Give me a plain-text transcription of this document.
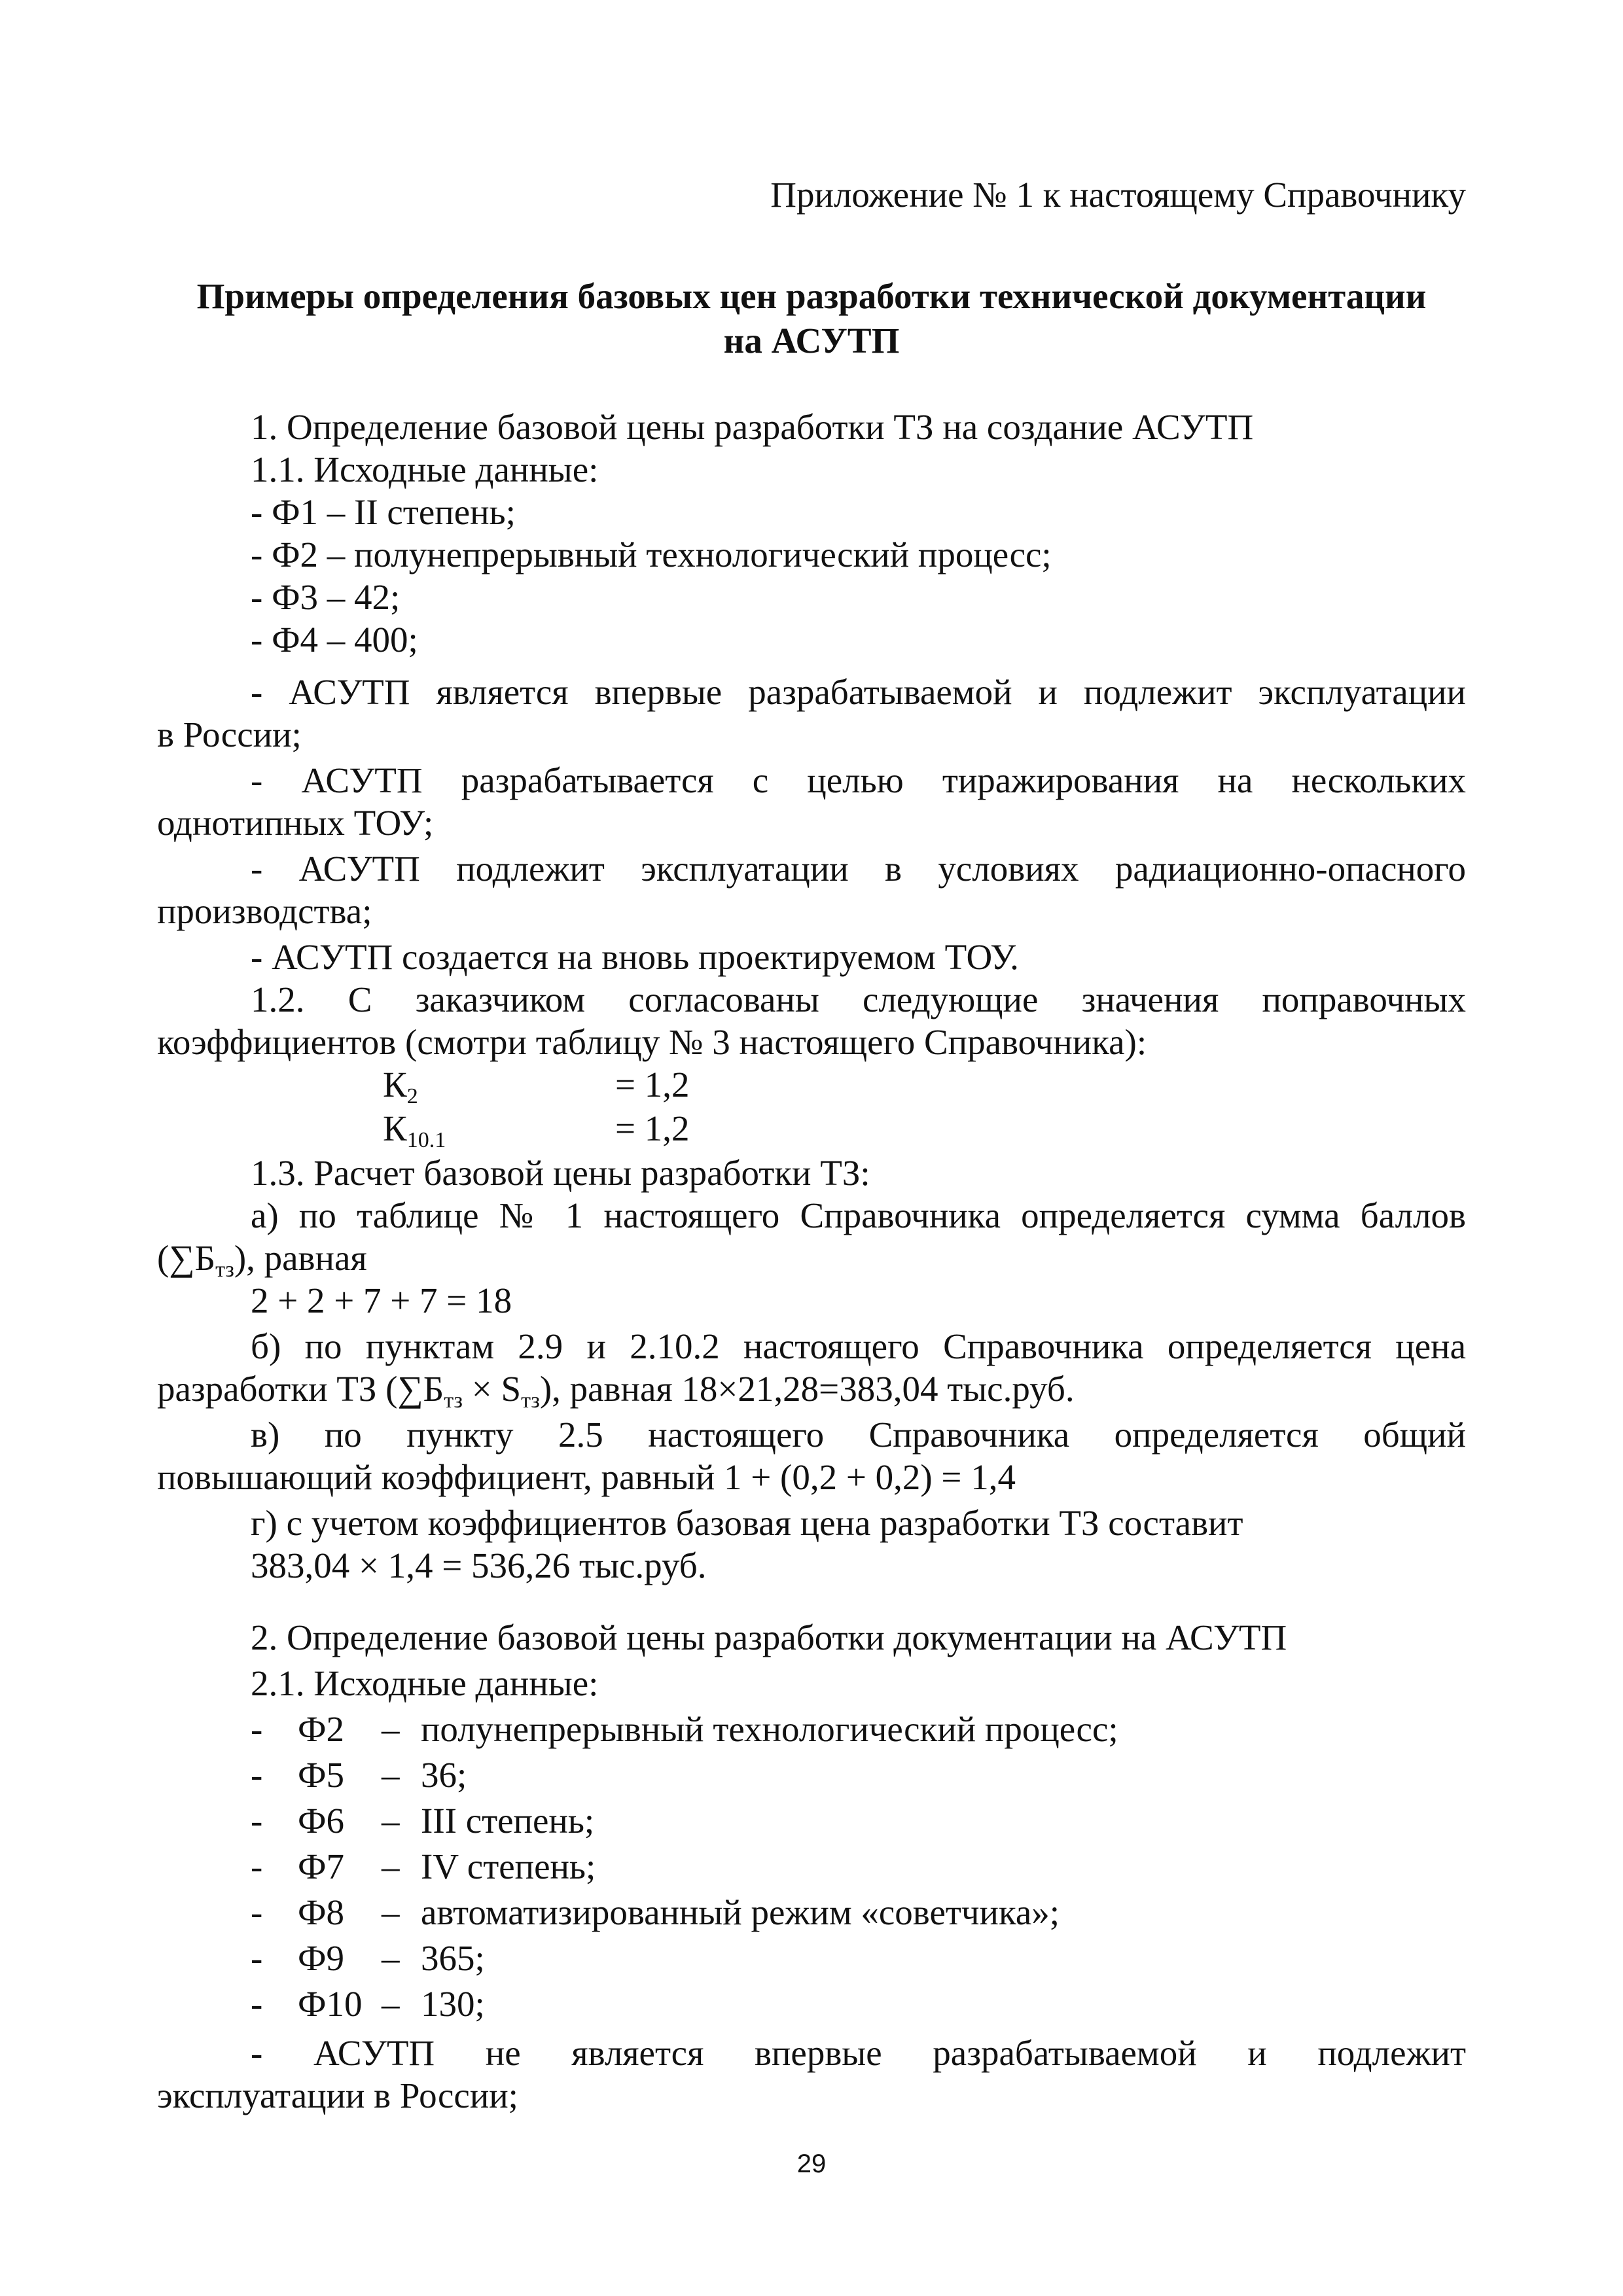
Приложение № 1 к настоящему Справочнику
Примеры определения базовых цен разработки технической документации
на АСУТП
1. Определение базовой цены разработки ТЗ на создание АСУТП
1.1. Исходные данные:
- Ф1 – II степень;
- Ф2 – полунепрерывный технологический процесс;
- Ф3 – 42;
- Ф4 – 400;
- АСУТП является впервые разрабатываемой и подлежит эксплуатации
в России;
- АСУТП разрабатывается с целью тиражирования на нескольких
однотипных ТОУ;
- АСУТП подлежит эксплуатации в условиях радиационно-опасного
производства;
- АСУТП создается на вновь проектируемом ТОУ.
1.2. С заказчиком согласованы следующие значения поправочных
коэффициентов (смотри таблицу № 3 настоящего Справочника):
$К_2$	= 1,2
$К_{10.1}$	= 1,2
1.3. Расчет базовой цены разработки ТЗ:
а) по таблице № 1 настоящего Справочника определяется сумма баллов
$(\sum Б_{тз})$, равная
2 + 2 + 7 + 7 = 18
б) по пунктам 2.9 и 2.10.2 настоящего Справочника определяется цена
разработки ТЗ $(\sum Б_{тз} \times S_{тз})$, равная 18×21,28=383,04 тыс.руб.
в) по пункту 2.5 настоящего Справочника определяется общий
повышающий коэффициент, равный 1 + (0,2 + 0,2) = 1,4
г) с учетом коэффициентов базовая цена разработки ТЗ составит
383,04 × 1,4 = 536,26 тыс.руб.
2. Определение базовой цены разработки документации на АСУТП
2.1. Исходные данные:
- Ф2 – полунепрерывный технологический процесс;
- Ф5 – 36;
- Ф6 – III степень;
- Ф7 – IV степень;
- Ф8 – автоматизированный режим «советчика»;
- Ф9 – 365;
- Ф10 – 130;
- АСУТП не является впервые разрабатываемой и подлежит
эксплуатации в России;
29
